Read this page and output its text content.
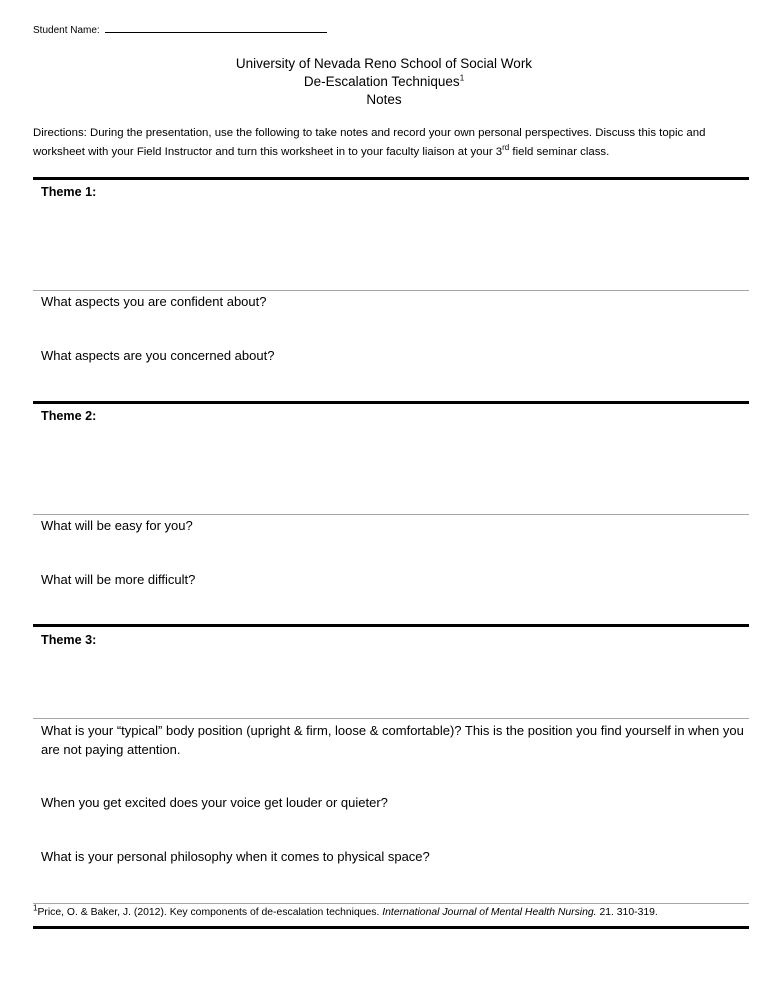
Student Name:
University of Nevada Reno School of Social Work
De-Escalation Techniques$^1$
Notes
Directions: During the presentation, use the following to take notes and record your own personal perspectives. Discuss this topic and worksheet with your Field Instructor and turn this worksheet in to your faculty liaison at your 3rd field seminar class.
Theme 1:
What aspects you are confident about?
What aspects are you concerned about?
Theme 2:
What will be easy for you?
What will be more difficult?
Theme 3:
What is your “typical” body position (upright & firm, loose & comfortable)? This is the position you find yourself in when you are not paying attention.
When you get excited does your voice get louder or quieter?
What is your personal philosophy when it comes to physical space?
$^1$Price, O. & Baker, J. (2012). Key components of de-escalation techniques. International Journal of Mental Health Nursing. 21. 310-319.
